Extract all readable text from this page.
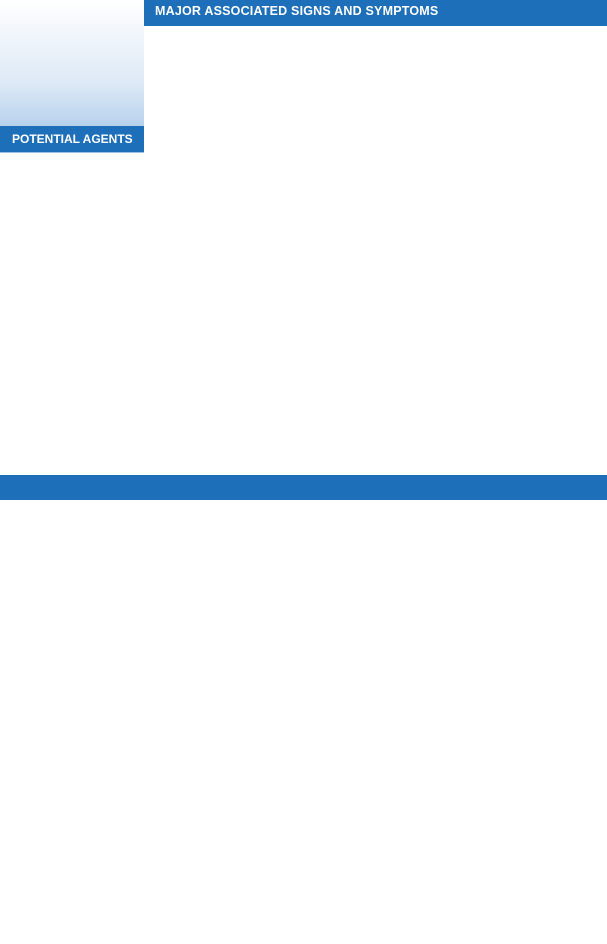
POTENTIAL AGENTS
MAJOR ASSOCIATED SIGNS AND SYMPTOMS
